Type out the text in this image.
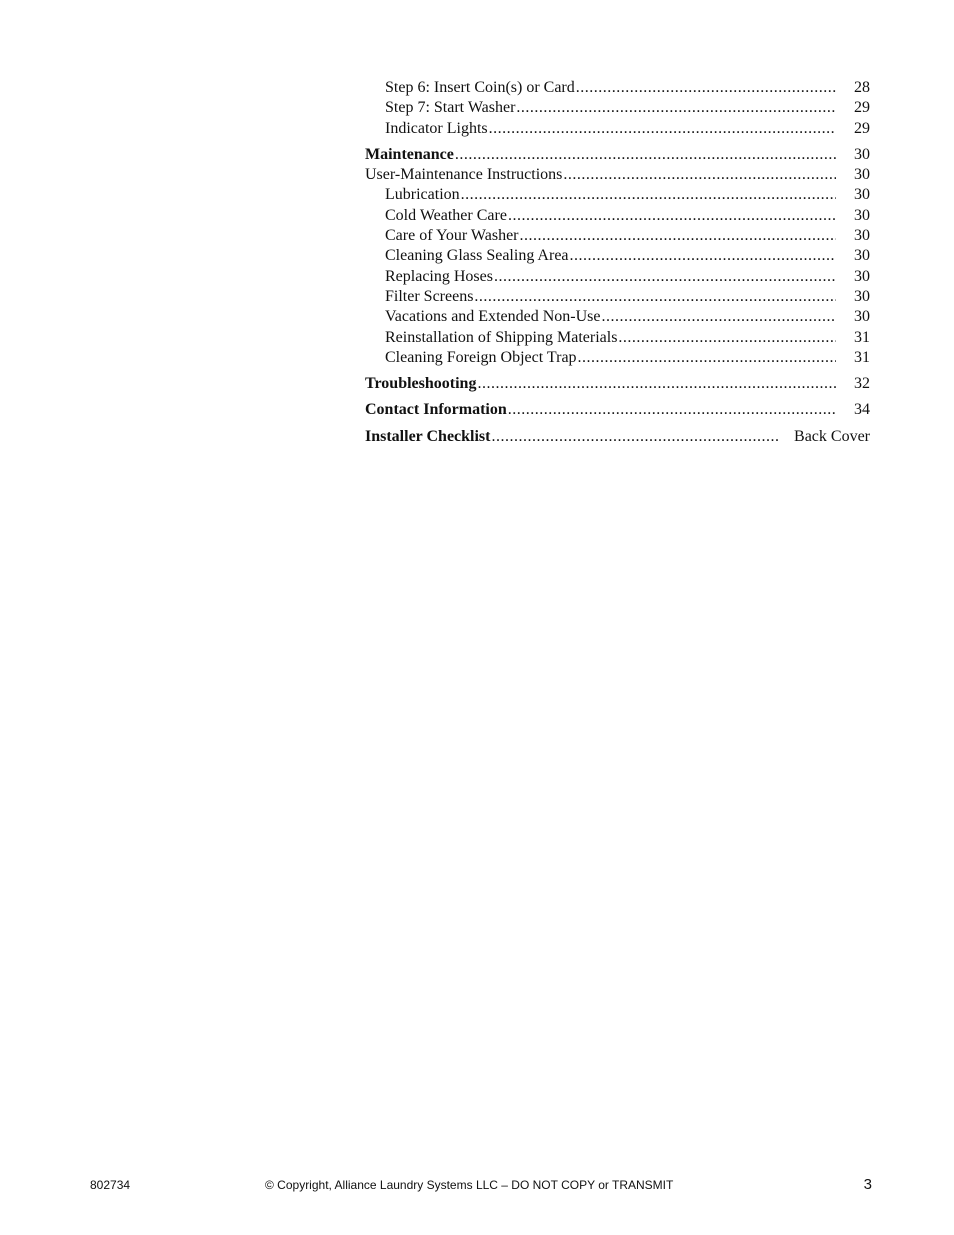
Step 6: Insert Coin(s) or Card .....	28
Step 7: Start Washer .....	29
Indicator Lights .....	29
Maintenance .....	30
User-Maintenance Instructions .....	30
Lubrication .....	30
Cold Weather Care .....	30
Care of Your Washer .....	30
Cleaning Glass Sealing Area .....	30
Replacing Hoses .....	30
Filter Screens .....	30
Vacations and Extended Non-Use .....	30
Reinstallation of Shipping Materials .....	31
Cleaning Foreign Object Trap .....	31
Troubleshooting .....	32
Contact Information .....	34
Installer Checklist .....	Back Cover
802734	© Copyright, Alliance Laundry Systems LLC – DO NOT COPY or TRANSMIT	3
